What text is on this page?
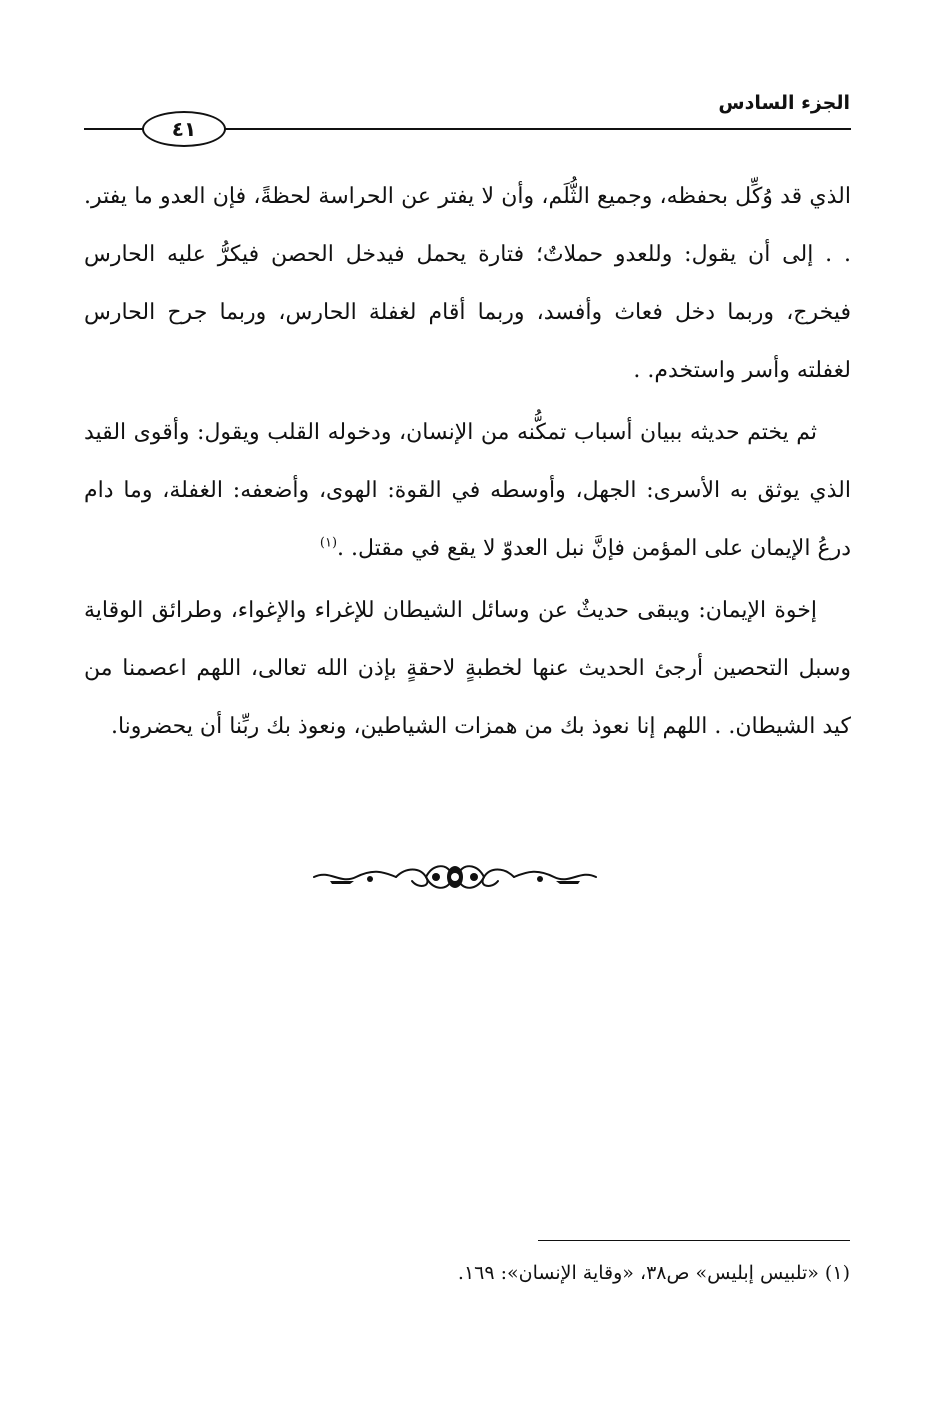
الجزء السادس
٤١

الذي قد وُكِّل بحفظه، وجميع الثُّلَم، وأن لا يفتر عن الحراسة لحظةً، فإن العدو ما يفتر. . . إلى أن يقول: وللعدو حملاتٌ؛ فتارة يحمل فيدخل الحصن فيكرُّ عليه الحارس فيخرج، وربما دخل فعاث وأفسد، وربما أقام لغفلة الحارس، وربما جرح الحارس لغفلته وأسر واستخدم. .

ثم يختم حديثه ببيان أسباب تمكُّنه من الإنسان، ودخوله القلب ويقول: وأقوى القيد الذي يوثق به الأسرى: الجهل، وأوسطه في القوة: الهوى، وأضعفه: الغفلة، وما دام درعُ الإيمان على المؤمن فإنَّ نبل العدوّ لا يقع في مقتل. .$^{(١)}$

إخوة الإيمان: ويبقى حديثٌ عن وسائل الشيطان للإغراء والإغواء، وطرائق الوقاية وسبل التحصين أرجئ الحديث عنها لخطبةٍ لاحقةٍ بإذن الله تعالى، اللهم اعصمنا من كيد الشيطان. . اللهم إنا نعوذ بك من همزات الشياطين، ونعوذ بك ربِّنا أن يحضرونا.

(١) «تلبيس إبليس» ص٣٨، «وقاية الإنسان»: ١٦٩.
